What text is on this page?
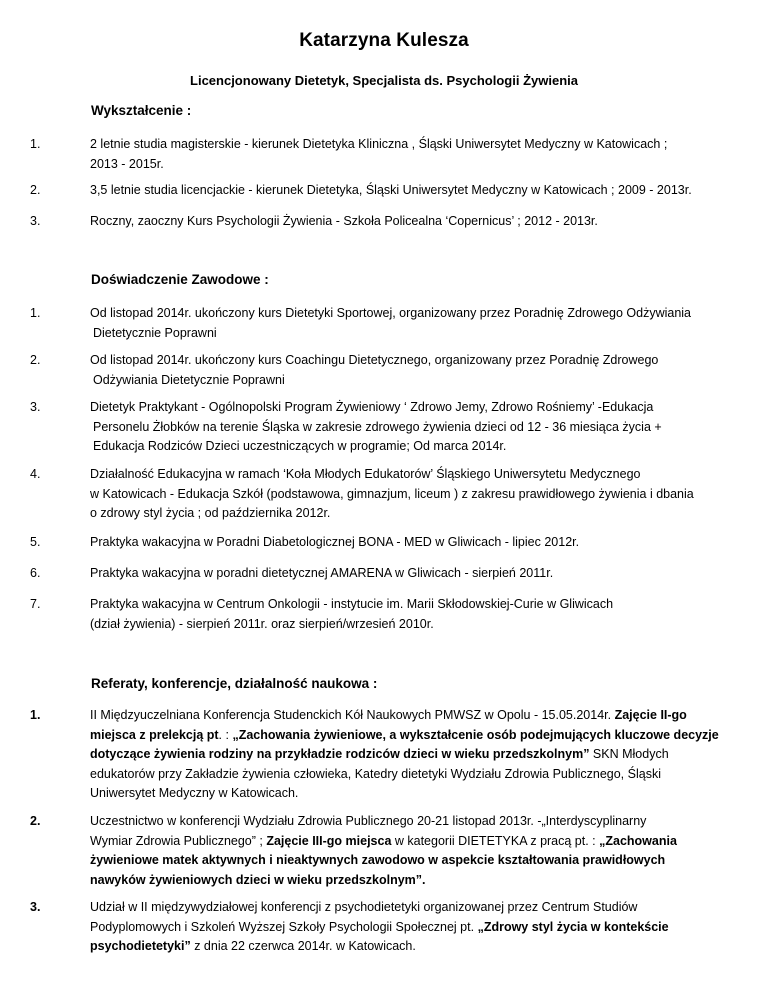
Katarzyna Kulesza
Licencjonowany Dietetyk, Specjalista ds. Psychologii Żywienia
Wykształcenie :
1.	2 letnie studia magisterskie - kierunek Dietetyka Kliniczna , Śląski Uniwersytet Medyczny w Katowicach ;
2013 - 2015r.
2.	3,5 letnie studia licencjackie - kierunek Dietetyka, Śląski Uniwersytet Medyczny w Katowicach ; 2009 - 2013r.
3.	Roczny, zaoczny Kurs Psychologii Żywienia - Szkoła Policealna ‘Copernicus’ ; 2012 - 2013r.
Doświadczenie Zawodowe :
1.	Od listopad 2014r. ukończony kurs Dietetyki Sportowej, organizowany przez Poradnię Zdrowego Odżywiania
Dietetycznie Poprawni
2.	Od listopad 2014r. ukończony kurs Coachingu Dietetycznego, organizowany przez Poradnię Zdrowego
Odżywiania Dietetycznie Poprawni
3.	Dietetyk Praktykant - Ogólnopolski Program Żywieniowy ‘ Zdrowo Jemy, Zdrowo Rośniemy’ -Edukacja
Personelu Żłobków na terenie Śląska w zakresie zdrowego żywienia dzieci od 12 - 36 miesiąca życia +
Edukacja Rodziców Dzieci uczestniczących w programie; Od marca 2014r.
4.	Działalność Edukacyjna w ramach ‘Koła Młodych Edukatorów’ Śląskiego Uniwersytetu Medycznego
w Katowicach - Edukacja Szkół (podstawowa, gimnazjum, liceum ) z zakresu prawidłowego żywienia i dbania
o zdrowy styl życia ; od października 2012r.
5.	Praktyka wakacyjna w Poradni Diabetologicznej BONA - MED w Gliwicach - lipiec 2012r.
6.	Praktyka wakacyjna w poradni dietetycznej AMARENA w Gliwicach - sierpień 2011r.
7.	Praktyka wakacyjna w Centrum Onkologii - instytucie im. Marii Skłodowskiej-Curie w Gliwicach
(dział żywienia) - sierpień 2011r. oraz sierpień/wrzesień 2010r.
Referaty, konferencje, działalność naukowa :
1.	II Międzyuczelniana Konferencja Studenckich Kół Naukowych PMWSZ w Opolu - 15.05.2014r. Zajęcie II-go
miejsca z prelekcją pt. : „Zachowania żywieniowe, a wykształcenie osób podejmujących kluczowe decyzje
dotyczące żywienia rodziny na przykładzie rodziców dzieci w wieku przedszkolnym” SKN Młodych
edukatorów przy Zakładzie żywienia człowieka, Katedry dietetyki Wydziału Zdrowia Publicznego, Śląski
Uniwersytet Medyczny w Katowicach.
2.	Uczestnictwo w konferencji Wydziału Zdrowia Publicznego 20-21 listopad 2013r. -„Interdyscyplinarny
Wymiar Zdrowia Publicznego” ; Zajęcie III-go miejsca w kategorii DIETETYKA z pracą pt. : „Zachowania
żywieniowe matek aktywnych i nieaktywnych zawodowo w aspekcie kształtowania prawidłowych
nawyków żywieniowych dzieci w wieku przedszkolnym”.
3.	Udział w II międzywydziałowej konferencji z psychodietetyki organizowanej przez Centrum Studiów
Podyplomowych i Szkoleń Wyższej Szkoły Psychologii Społecznej pt. „Zdrowy styl życia w kontekście
psychodietetyki” z dnia 22 czerwca 2014r. w Katowicach.
